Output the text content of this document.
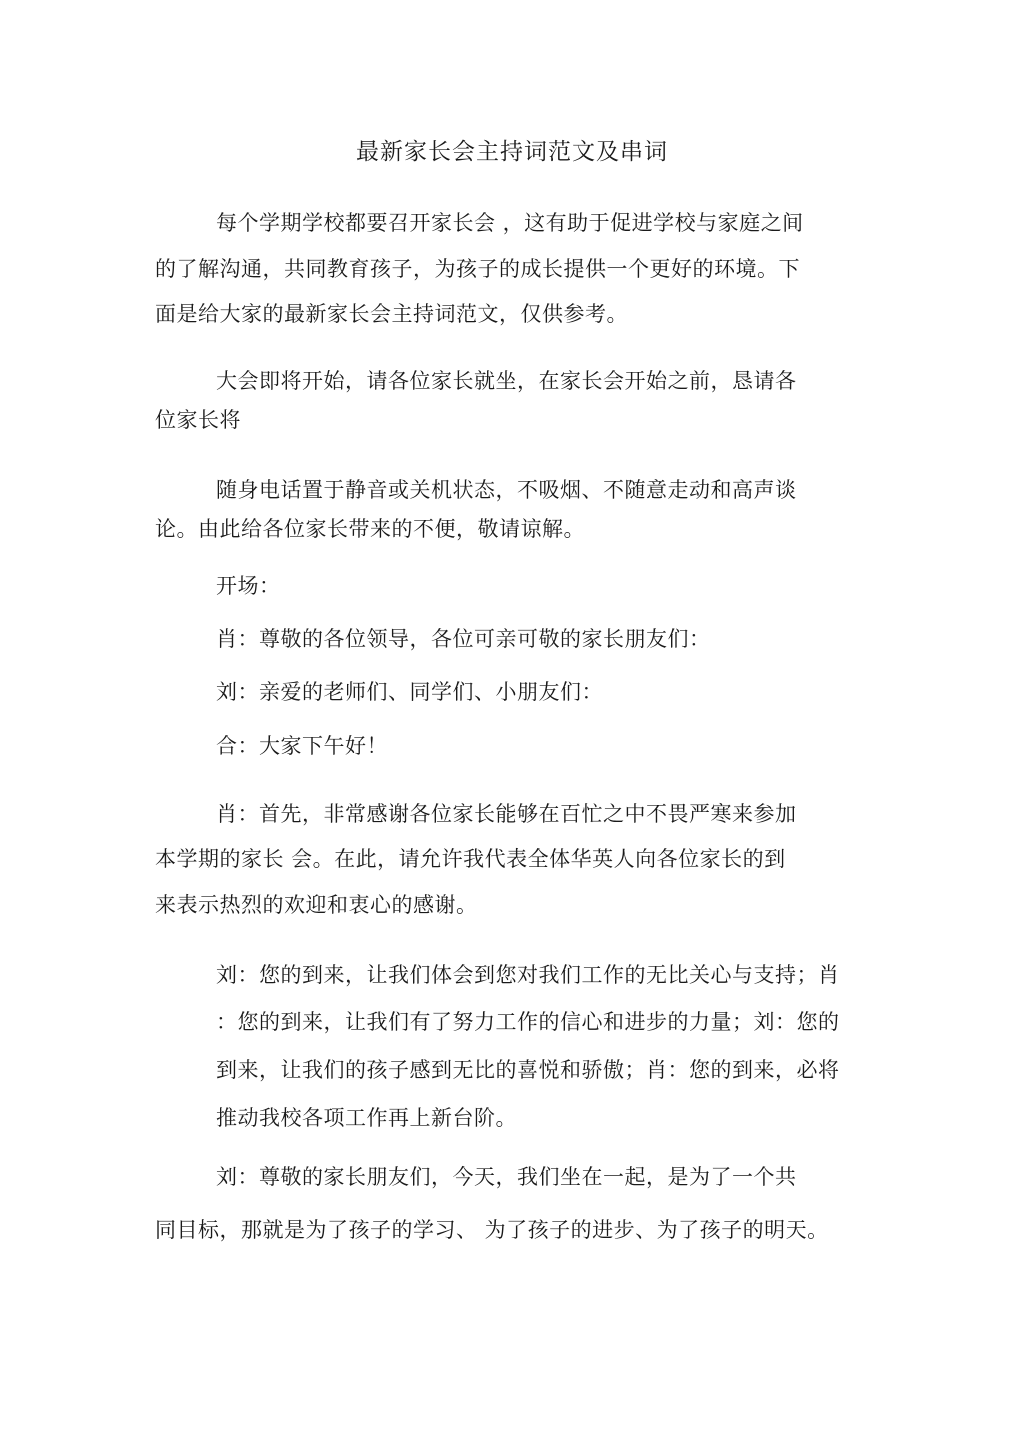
最新家长会主持词范文及串词
每个学期学校都要召开家长会 ，这有助于促进学校与家庭之间
的了解沟通，共同教育孩子，为孩子的成长提供一个更好的环境。下
面是给大家的最新家长会主持词范文，仅供参考。
大会即将开始，请各位家长就坐，在家长会开始之前，恳请各
位家长将
随身电话置于静音或关机状态，不吸烟、不随意走动和高声谈
论。由此给各位家长带来的不便，敬请谅解。
开场：
肖：尊敬的各位领导，各位可亲可敬的家长朋友们：
刘：亲爱的老师们、同学们、小朋友们：
合：大家下午好！
肖：首先，非常感谢各位家长能够在百忙之中不畏严寒来参加
本学期的家长 会。在此，请允许我代表全体华英人向各位家长的到
来表示热烈的欢迎和衷心的感谢。
刘：您的到来，让我们体会到您对我们工作的无比关心与支持；肖
：您的到来，让我们有了努力工作的信心和进步的力量；刘：您的
到来，让我们的孩子感到无比的喜悦和骄傲；肖：您的到来，必将
推动我校各项工作再上新台阶。
刘：尊敬的家长朋友们，今天，我们坐在一起，是为了一个共
同目标，那就是为了孩子的学习、 为了孩子的进步、为了孩子的明天。
